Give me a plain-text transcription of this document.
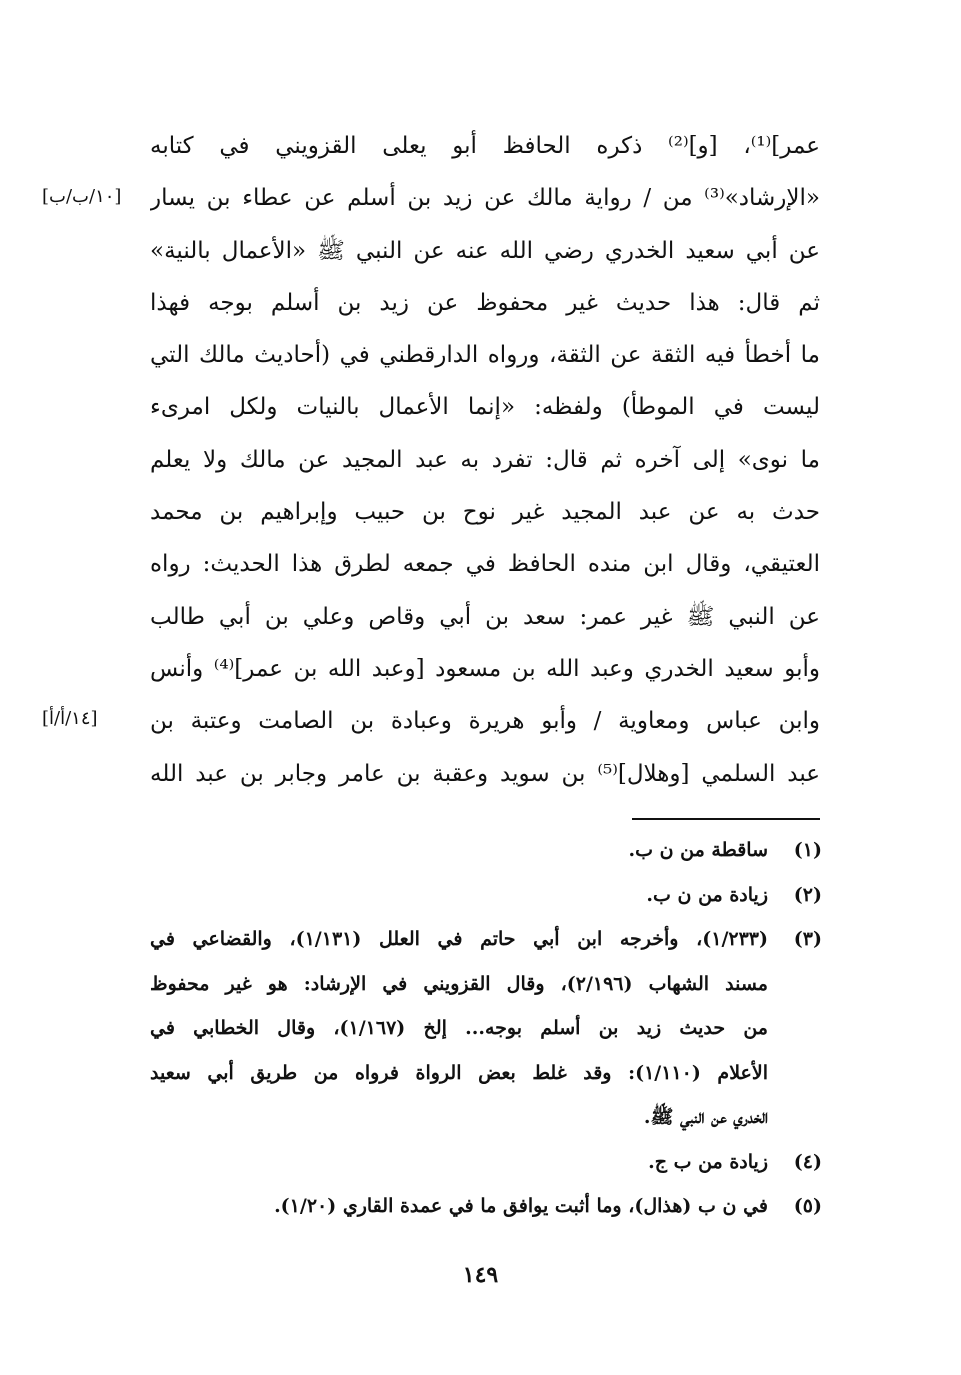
عمر]⁽¹⁾، [و]⁽²⁾ ذكره الحافظ أبو يعلى القزويني في كتابه
«الإرشاد»⁽³⁾ من / رواية مالك عن زيد بن أسلم عن عطاء بن يسار
عن أبي سعيد الخدري رضي الله عنه عن النبي ﷺ «الأعمال بالنية»
ثم قال: هذا حديث غير محفوظ عن زيد بن أسلم بوجه فهذا
ما أخطأ فيه الثقة عن الثقة، ورواه الدارقطني في (أحاديث مالك التي
ليست في الموطأ) ولفظه: «إنما الأعمال بالنيات ولكل امرىء
ما نوى» إلى آخره ثم قال: تفرد به عبد المجيد عن مالك ولا يعلم
حدث به عن عبد المجيد غير نوح بن حبيب وإبراهيم بن محمد
العتيقي، وقال ابن منده الحافظ في جمعه لطرق هذا الحديث: رواه
عن النبي ﷺ غير عمر: سعد بن أبي وقاص وعلي بن أبي طالب
وأبو سعيد الخدري وعبد الله بن مسعود [وعبد الله بن عمر]⁽⁴⁾ وأنس
وابن عباس ومعاوية / وأبو هريرة وعبادة بن الصامت وعتبة بن
عبد السلمي [وهلال]⁽⁵⁾ بن سويد وعقبة بن عامر وجابر بن عبد الله
[١٠/ب/ب]
[١٤/أ/أ]
(١)
ساقطة من ن ب.
(٢)
زيادة من ن ب.
(٣)
(١/٢٣٣)، وأخرجه ابن أبي حاتم في العلل (١/١٣١)، والقضاعي في
مسند الشهاب (٢/١٩٦)، وقال القزويني في الإرشاد: هو غير محفوظ
من حديث زيد بن أسلم بوجه... إلخ (١/١٦٧)، وقال الخطابي في
الأعلام (١/١١٠): وقد غلط بعض الرواة فرواه من طريق أبي سعيد
الخدري عن النبي ﷺ.
(٤)
زيادة من ب ج.
(٥)
في ن ب (هذال)، وما أثبت يوافق ما في عمدة القاري (١/٢٠).
١٤٩
